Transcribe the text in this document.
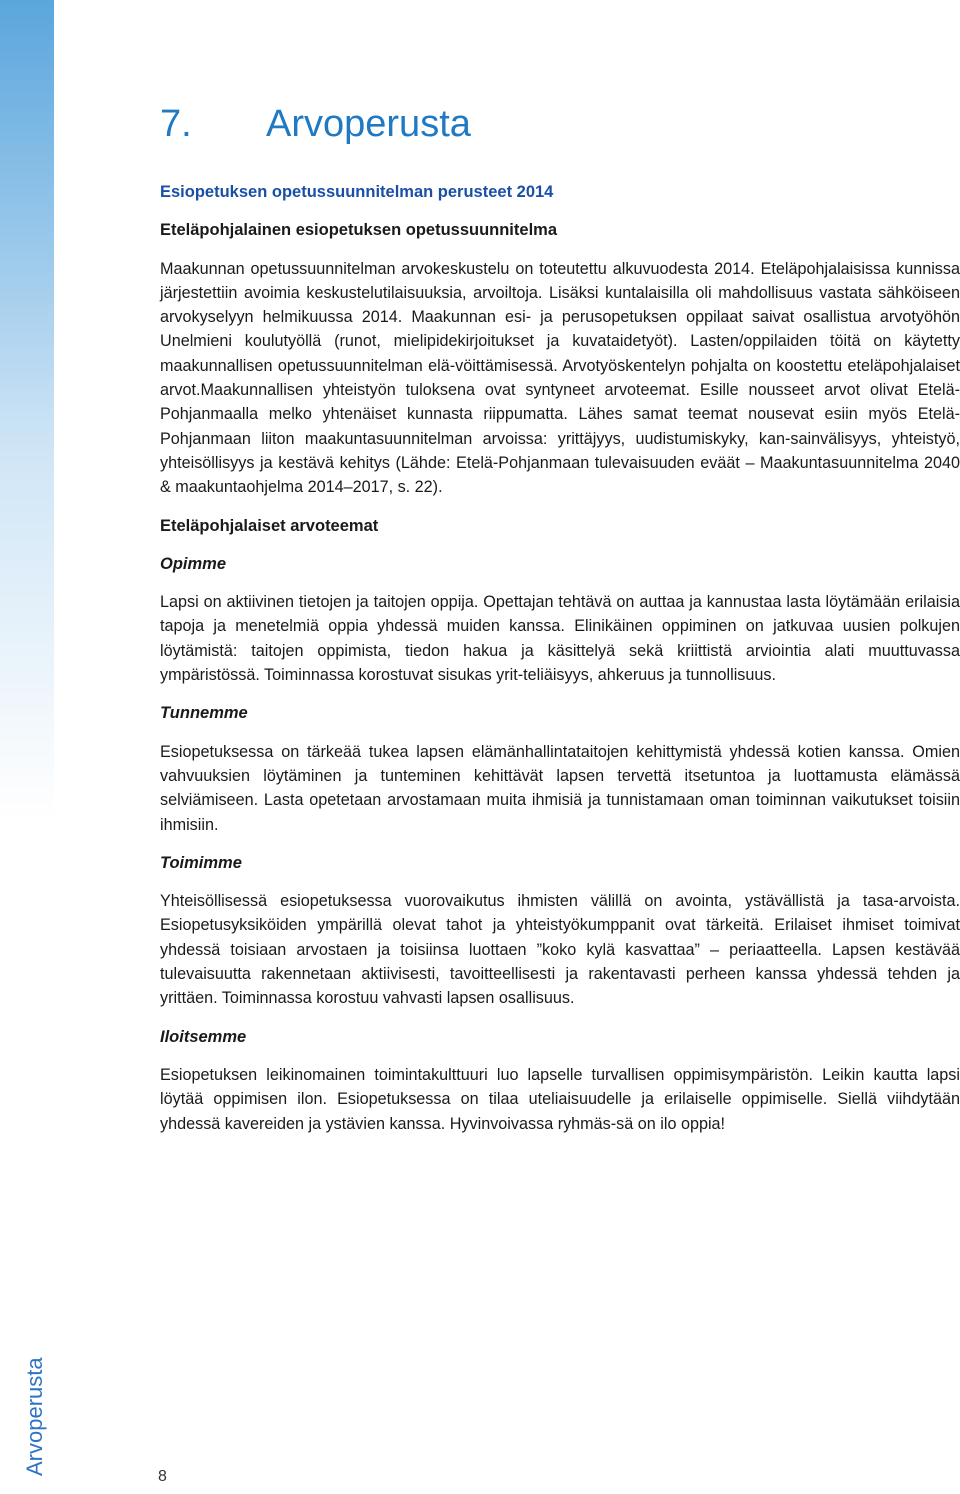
Arvoperusta
8
7. Arvoperusta

Esiopetuksen opetussuunnitelman perusteet 2014

Eteläpohjalainen esiopetuksen opetussuunnitelma

Maakunnan opetussuunnitelman arvokeskustelu on toteutettu alkuvuodesta 2014. Eteläpohjalaisissa kunnissa järjestettiin avoimia keskustelutilaisuuksia, arvoiltoja. Lisäksi kuntalaisilla oli mahdollisuus vastata sähköiseen arvokyselyyn helmikuussa 2014. Maakunnan esi- ja perusopetuksen oppilaat saivat osallistua arvotyöhön Unelmieni koulutyöllä (runot, mielipidekirjoitukset ja kuvataidetyöt). Lasten/oppilaiden töitä on käytetty maakunnallisen opetussuunnitelman elä-vöittämisessä. Arvotyöskentelyn pohjalta on koostettu eteläpohjalaiset arvot.Maakunnallisen yhteistyön tuloksena ovat syntyneet arvoteemat. Esille nousseet arvot olivat Etelä-Pohjanmaalla melko yhtenäiset kunnasta riippumatta. Lähes samat teemat nousevat esiin myös Etelä-Pohjanmaan liiton maakuntasuunnitelman arvoissa: yrittäjyys, uudistumiskyky, kan-sainvälisyys, yhteistyö, yhteisöllisyys ja kestävä kehitys (Lähde: Etelä-Pohjanmaan tulevaisuuden eväät – Maakuntasuunnitelma 2040 & maakuntaohjelma 2014–2017, s. 22).

Eteläpohjalaiset arvoteemat

Opimme

Lapsi on aktiivinen tietojen ja taitojen oppija. Opettajan tehtävä on auttaa ja kannustaa lasta löytämään erilaisia tapoja ja menetelmiä oppia yhdessä muiden kanssa. Elinikäinen oppiminen on jatkuvaa uusien polkujen löytämistä: taitojen oppimista, tiedon hakua ja käsittelyä sekä kriittistä arviointia alati muuttuvassa ympäristössä. Toiminnassa korostuvat sisukas yrit-teliäisyys, ahkeruus ja tunnollisuus.

Tunnemme

Esiopetuksessa on tärkeää tukea lapsen elämänhallintataitojen kehittymistä yhdessä kotien kanssa. Omien vahvuuksien löytäminen ja tunteminen kehittävät lapsen tervettä itsetuntoa ja luottamusta elämässä selviämiseen. Lasta opetetaan arvostamaan muita ihmisiä ja tunnistamaan oman toiminnan vaikutukset toisiin ihmisiin.

Toimimme

Yhteisöllisessä esiopetuksessa vuorovaikutus ihmisten välillä on avointa, ystävällistä ja tasa-arvoista. Esiopetusyksiköiden ympärillä olevat tahot ja yhteistyökumppanit ovat tärkeitä. Erilaiset ihmiset toimivat yhdessä toisiaan arvostaen ja toisiinsa luottaen ”koko kylä kasvattaa” – periaatteella. Lapsen kestävää tulevaisuutta rakennetaan aktiivisesti, tavoitteellisesti ja rakentavasti perheen kanssa yhdessä tehden ja yrittäen. Toiminnassa korostuu vahvasti lapsen osallisuus.

Iloitsemme

Esiopetuksen leikinomainen toimintakulttuuri luo lapselle turvallisen oppimisympäristön. Leikin kautta lapsi löytää oppimisen ilon. Esiopetuksessa on tilaa uteliaisuudelle ja erilaiselle oppimiselle. Siellä viihdytään yhdessä kavereiden ja ystävien kanssa. Hyvinvoivassa ryhmäs-sä on ilo oppia!
